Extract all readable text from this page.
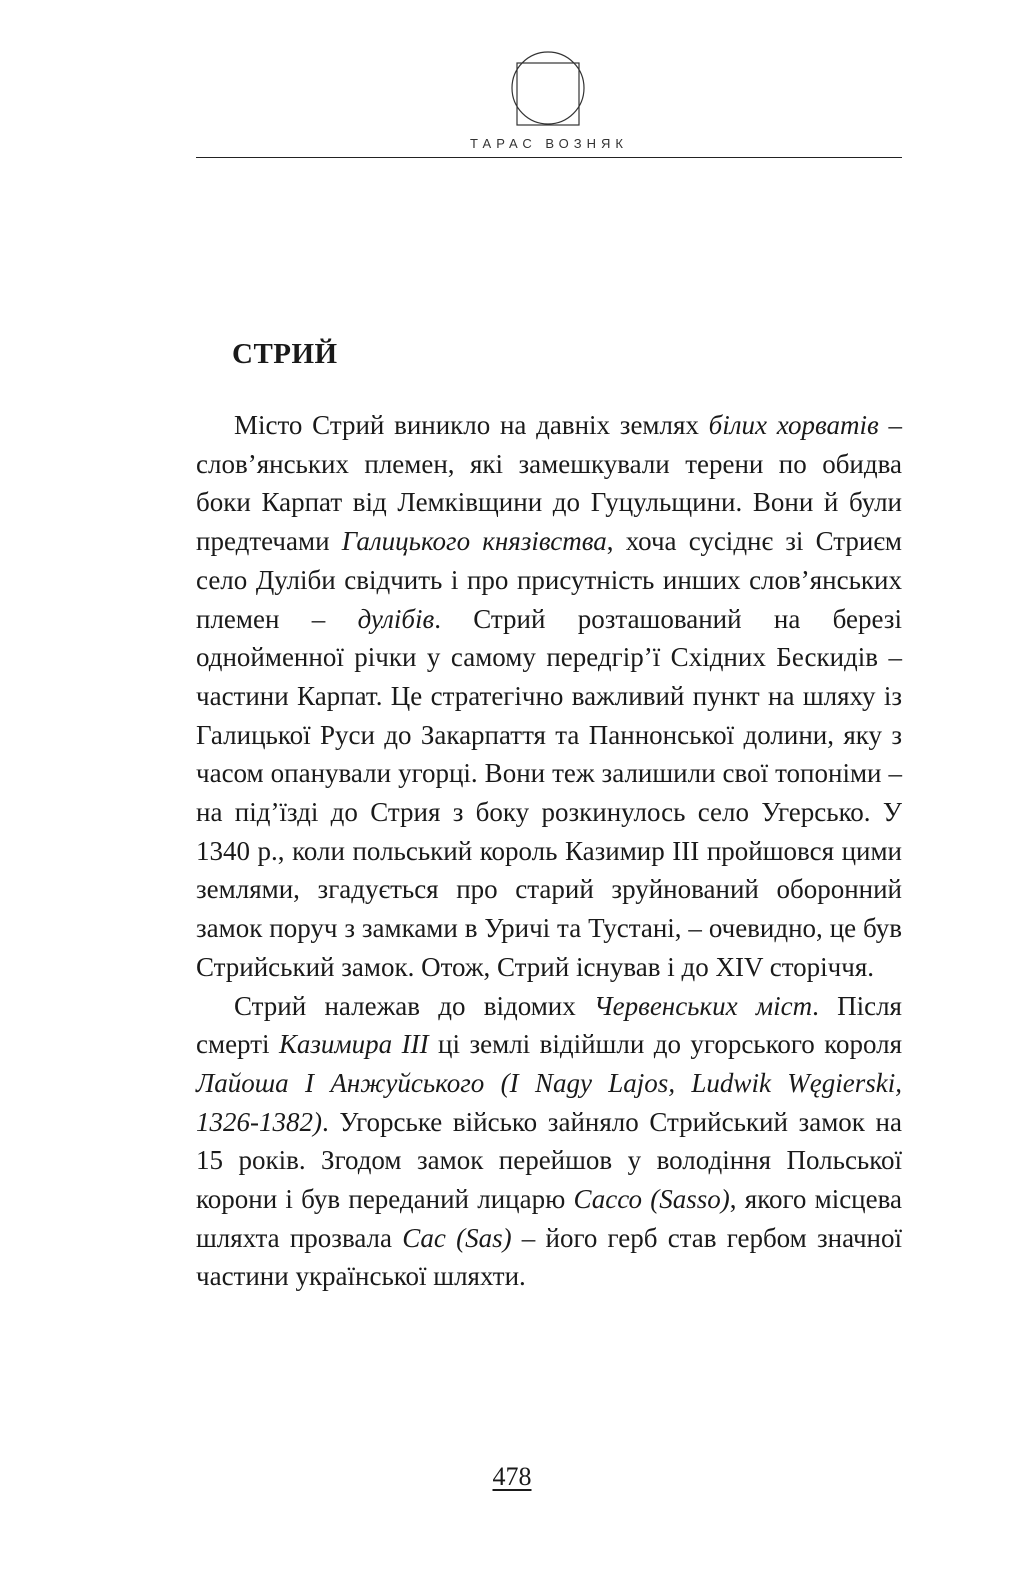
ТАРАС ВОЗНЯК
СТРИЙ

Місто Стрий виникло на давніх землях білих хорватів – слов’янських племен, які замешкували терени по обидва боки Карпат від Лемківщини до Гуцульщини. Вони й були предтечами Галицького князівства, хоча сусіднє зі Стриєм село Дуліби свідчить і про присутність инших слов’янських племен – дулібів. Стрий розташований на березі однойменної річки у самому передгір’ї Східних Бескидів – частини Карпат. Це стратегічно важливий пункт на шляху із Галицької Руси до Закарпаття та Паннонської долини, яку з часом опанували угорці. Вони теж залишили свої топоніми – на під’їзді до Стрия з боку розкинулось село Угерсько. У 1340 р., коли польський король Казимир ІІІ пройшовся цими землями, згадується про старий зруйнований оборонний замок поруч з замками в Уричі та Тустані, – очевидно, це був Стрийський замок. Отож, Стрий існував і до XIV сторіччя.

Стрий належав до відомих Червенських міст. Після смерті Казимира ІІІ ці землі відійшли до угорського короля Лайоша І Анжуйського (I Nagy Lajos, Ludwik Węgierski, 1326-1382). Угорське військо зайняло Стрийський замок на 15 років. Згодом замок перейшов у володіння Польської корони і був переданий лицарю Сассо (Sasso), якого місцева шляхта прозвала Сас (Sas) – його герб став гербом значної частини української шляхти.

478
